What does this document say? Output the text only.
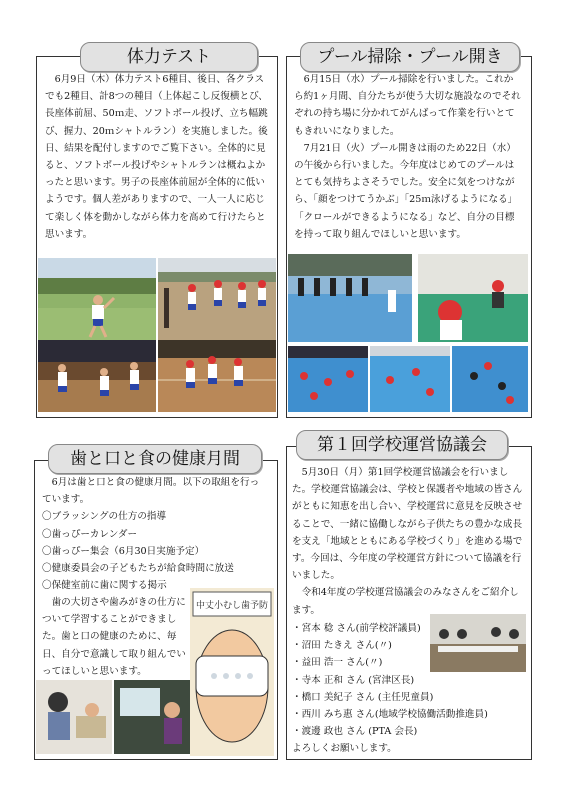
体力テスト

6月9日（木）体力テスト6種目、後日、各クラスでも2種目、計8つの種目（上体起こし反復横とび、長座体前屈、50ｍ走、ソフトボール投げ、立ち幅跳び、握力、20ｍシャトルラン）を実施しました。後日、結果を配付しますのでご覧下さい。全体的に見ると、ソフトボール投げやシャトルランは概ねよかったと思います。男子の長座体前屈が全体的に低いようです。個人差がありますので、一人一人に応じて楽しく体を動かしながら体力を高めて行けたらと思います。

プール掃除・プール開き

6月15日（水）プール掃除を行いました。これから約1ヶ月間、自分たちが使う大切な施設なのでそれぞれの持ち場に分かれてがんばって作業を行いとてもきれいになりました。

7月21日（火）プール開きは雨のため22日（水）の午後から行いました。今年度はじめてのプールはとても気持ちよさそうでした。安全に気をつけながら、「顔をつけてうかぶ」「25ｍ泳げるようになる」「クロールができるようになる」など、自分の目標を持って取り組んでほしいと思います。

歯と口と食の健康月間

6月は歯と口と食の健康月間。以下の取組を行っています。

〇ブラッシングの仕方の指導
〇歯っぴーカレンダー
〇歯っぴー集会（6月30日実施予定）
〇健康委員会の子どもたちが給食時間に放送
〇保健室前に歯に関する掲示

歯の大切さや歯みがきの仕方について学習することができました。歯と口の健康のために、毎日、自分で意識して取り組んでいってほしいと思います。

中丈小むし歯予防
第１回学校運営協議会

5月30日（月）第1回学校運営協議会を行いました。学校運営協議会は、学校と保護者や地域の皆さんがともに知恵を出し合い、学校運営に意見を反映させることで、一緒に協働しながら子供たちの豊かな成長を支え「地域とともにある学校づくり」を進める場です。今回は、今年度の学校運営方針について協議を行いました。

令和4年度の学校運営協議会のみなさんをご紹介します。

・宮本 稔 さん(前学校評議員)
・沼田 たきえ さん(〃)
・益田 浩一 さん(〃)
・寺本 正和 さん (宮津区長)
・橋口 美紀子 さん (主任児童員)
・西川 みち惠 さん(地域学校協働活動推進員)
・渡邊 政也 さん (PTA 会長)
よろしくお願いします。
